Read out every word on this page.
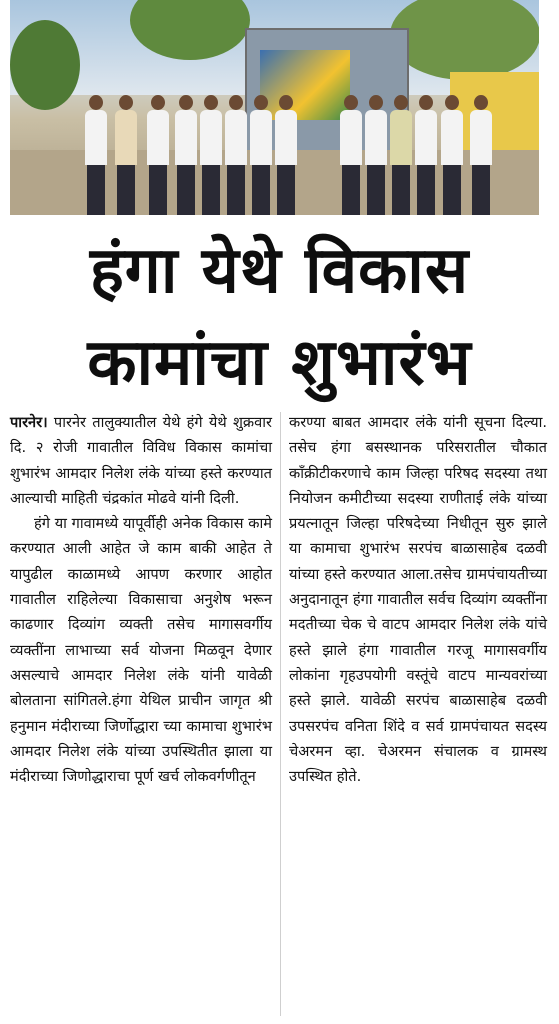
हंगा येथे विकास
कामांचा शुभारंभ

पारनेर। पारनेर तालुक्यातील येथे हंगे येथे शुक्रवार दि. २ रोजी गावातील विविध विकास कामांचा शुभारंभ आमदार निलेश लंके यांच्या हस्ते करण्यात आल्याची माहिती चंद्रकांत मोढवे यांनी दिली.

हंगे या गावामध्ये यापूर्वीही अनेक विकास कामे करण्यात आली आहेत जे काम बाकी आहेत ते यापुढील काळामध्ये आपण करणार आहोत गावातील राहिलेल्या विकासाचा अनुशेष भरून काढणार दिव्यांग व्यक्ती तसेच मागासवर्गीय व्यक्तींना लाभाच्या सर्व योजना मिळवून देणार असल्याचे आमदार निलेश लंके यांनी यावेळी बोलताना सांगितले.हंगा येथिल प्राचीन जागृत श्री हनुमान मंदीराच्या जिर्णोद्धारा च्या कामाचा शुभारंभ आमदार निलेश लंके यांच्या उपस्थितीत झाला या मंदीराच्या जिणोद्धाराचा पूर्ण खर्च लोकवर्गणीतून

करण्या बाबत आमदार लंके यांनी सूचना दिल्या. तसेच हंगा बसस्थानक परिसरातील चौकात काँक्रीटीकरणाचे काम जिल्हा परिषद सदस्या तथा नियोजन कमीटीच्या सदस्या राणीताई लंके यांच्या प्रयत्नातून जिल्हा परिषदेच्या निधीतून सुरु झाले या कामाचा शुभारंभ सरपंच बाळासाहेब दळवी यांच्या हस्ते करण्यात आला.तसेच ग्रामपंचायतीच्या अनुदानातून हंगा गावातील सर्वच दिव्यांग व्यक्तींना मदतीच्या चेक चे वाटप आमदार निलेश लंके यांचे हस्ते झाले हंगा गावातील गरजू मागासवर्गीय लोकांना गृहउपयोगी वस्तूंचे वाटप मान्यवरांच्या हस्ते झाले. यावेळी सरपंच बाळासाहेब दळवी उपसरपंच वनिता शिंदे व सर्व ग्रामपंचायत सदस्य चेअरमन व्हा. चेअरमन संचालक व ग्रामस्थ उपस्थित होते.
